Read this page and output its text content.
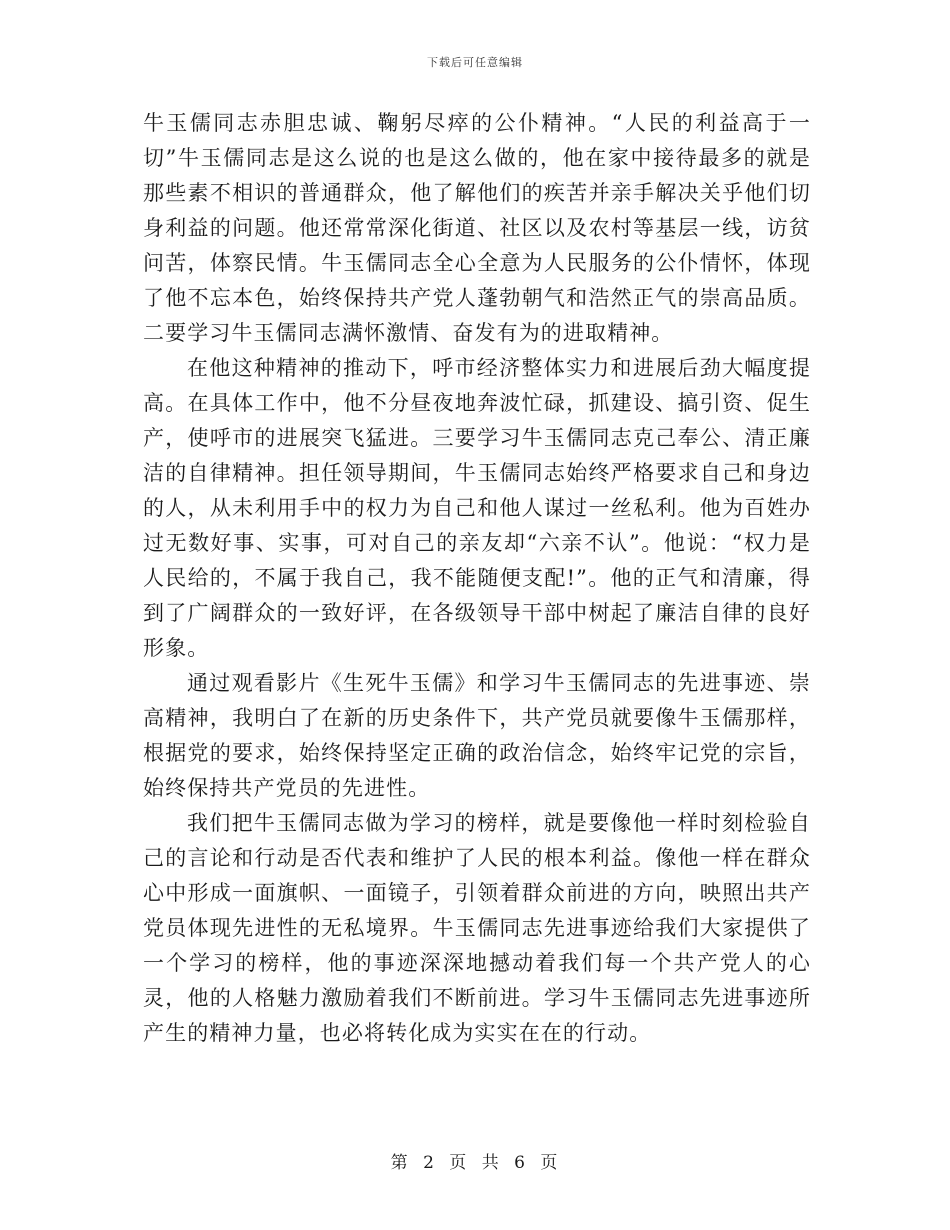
下载后可任意编辑

牛玉儒同志赤胆忠诚、鞠躬尽瘁的公仆精神。“人民的利益高于一切”牛玉儒同志是这么说的也是这么做的，他在家中接待最多的就是那些素不相识的普通群众，他了解他们的疾苦并亲手解决关乎他们切身利益的问题。他还常常深化街道、社区以及农村等基层一线，访贫问苦，体察民情。牛玉儒同志全心全意为人民服务的公仆情怀，体现了他不忘本色，始终保持共产党人蓬勃朝气和浩然正气的崇高品质。二要学习牛玉儒同志满怀激情、奋发有为的进取精神。

在他这种精神的推动下，呼市经济整体实力和进展后劲大幅度提高。在具体工作中，他不分昼夜地奔波忙碌，抓建设、搞引资、促生产，使呼市的进展突飞猛进。三要学习牛玉儒同志克己奉公、清正廉洁的自律精神。担任领导期间，牛玉儒同志始终严格要求自己和身边的人，从未利用手中的权力为自己和他人谋过一丝私利。他为百姓办过无数好事、实事，可对自己的亲友却“六亲不认”。他说：“权力是人民给的，不属于我自己，我不能随便支配!”。他的正气和清廉，得到了广阔群众的一致好评，在各级领导干部中树起了廉洁自律的良好形象。

通过观看影片《生死牛玉儒》和学习牛玉儒同志的先进事迹、崇高精神，我明白了在新的历史条件下，共产党员就要像牛玉儒那样，根据党的要求，始终保持坚定正确的政治信念，始终牢记党的宗旨，始终保持共产党员的先进性。

我们把牛玉儒同志做为学习的榜样，就是要像他一样时刻检验自己的言论和行动是否代表和维护了人民的根本利益。像他一样在群众心中形成一面旗帜、一面镜子，引领着群众前进的方向，映照出共产党员体现先进性的无私境界。牛玉儒同志先进事迹给我们大家提供了一个学习的榜样，他的事迹深深地撼动着我们每一个共产党人的心灵，他的人格魅力激励着我们不断前进。学习牛玉儒同志先进事迹所产生的精神力量，也必将转化成为实实在在的行动。

第 2 页 共 6 页
